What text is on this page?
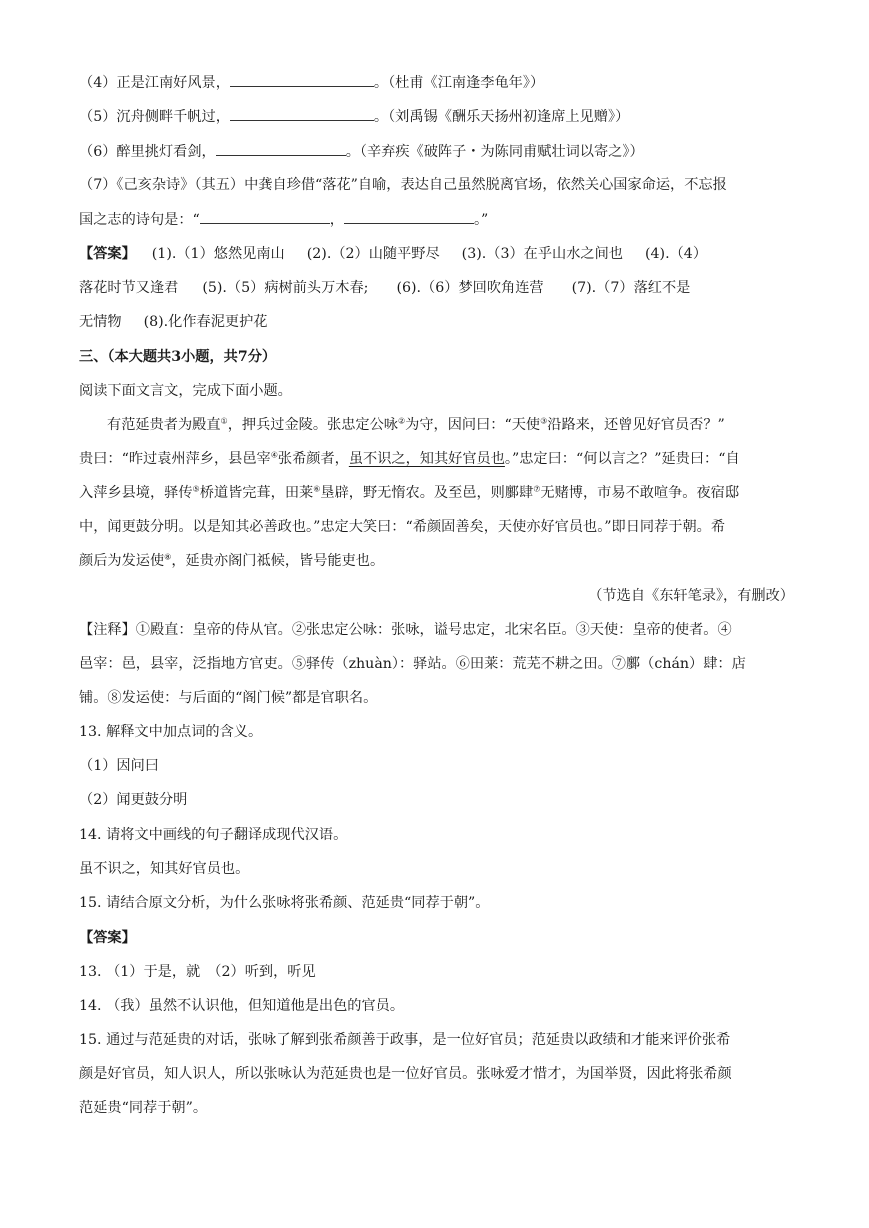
（4）正是江南好风景，	。（杜甫《江南逢李龟年》）
（5）沉舟侧畔千帆过，	。（刘禹锡《酬乐天扬州初逢席上见赠》）
（6）醉里挑灯看剑，	。（辛弃疾《破阵子・为陈同甫赋壮词以寄之》）
（7）《己亥杂诗》（其五）中龚自珍借“落花”自喻，表达自己虽然脱离官场，依然关心国家命运，不忘报
国之志的诗句是：“	，	。”
【答案】 (1).（1）悠然见南山 (2).（2）山随平野尽 (3).（3）在乎山水之间也 (4).（4）
落花时节又逢君 (5).（5）病树前头万木春; (6).（6）梦回吹角连营 (7).（7）落红不是
无情物 (8).化作春泥更护花
三、（本大题共3小题，共7分）
阅读下面文言文，完成下面小题。
有范延贵者为殿直①，押兵过金陵。张忠定公咏②为守，因问曰：“天使③沿路来，还曾见好官员否？”
贵曰：“昨过袁州萍乡，县邑宰④张希颜者，虽不识之，知其好官员也。”忠定曰：“何以言之？”延贵曰：“自
入萍乡县境，驿传⑤桥道皆完葺，田莱⑥垦辟，野无惰农。及至邑，则鄽肆⑦无赌博，市易不敢喧争。夜宿邸
中，闻更鼓分明。以是知其必善政也。”忠定大笑曰：“希颜固善矣，天使亦好官员也。”即日同荐于朝。希
颜后为发运使⑧，延贵亦阁门祗候，皆号能吏也。
（节选自《东轩笔录》，有删改）
【注释】①殿直：皇帝的侍从官。②张忠定公咏：张咏，谥号忠定，北宋名臣。③天使：皇帝的使者。④
邑宰：邑，县宰，泛指地方官吏。⑤驿传（zhuàn）：驿站。⑥田莱：荒芜不耕之田。⑦鄽（chán）肆：店
铺。⑧发运使：与后面的“阁门候”都是官职名。
13. 解释文中加点词的含义。
（1）因问曰
（2）闻更鼓分明
14. 请将文中画线的句子翻译成现代汉语。
虽不识之，知其好官员也。
15. 请结合原文分析，为什么张咏将张希颜、范延贵“同荐于朝”。
【答案】
13. （1）于是，就　（2）听到，听见
14. （我）虽然不认识他，但知道他是出色的官员。
15. 通过与范延贵的对话，张咏了解到张希颜善于政事，是一位好官员；范延贵以政绩和才能来评价张希
颜是好官员，知人识人，所以张咏认为范延贵也是一位好官员。张咏爱才惜才，为国举贤，因此将张希颜
范延贵“同荐于朝”。
